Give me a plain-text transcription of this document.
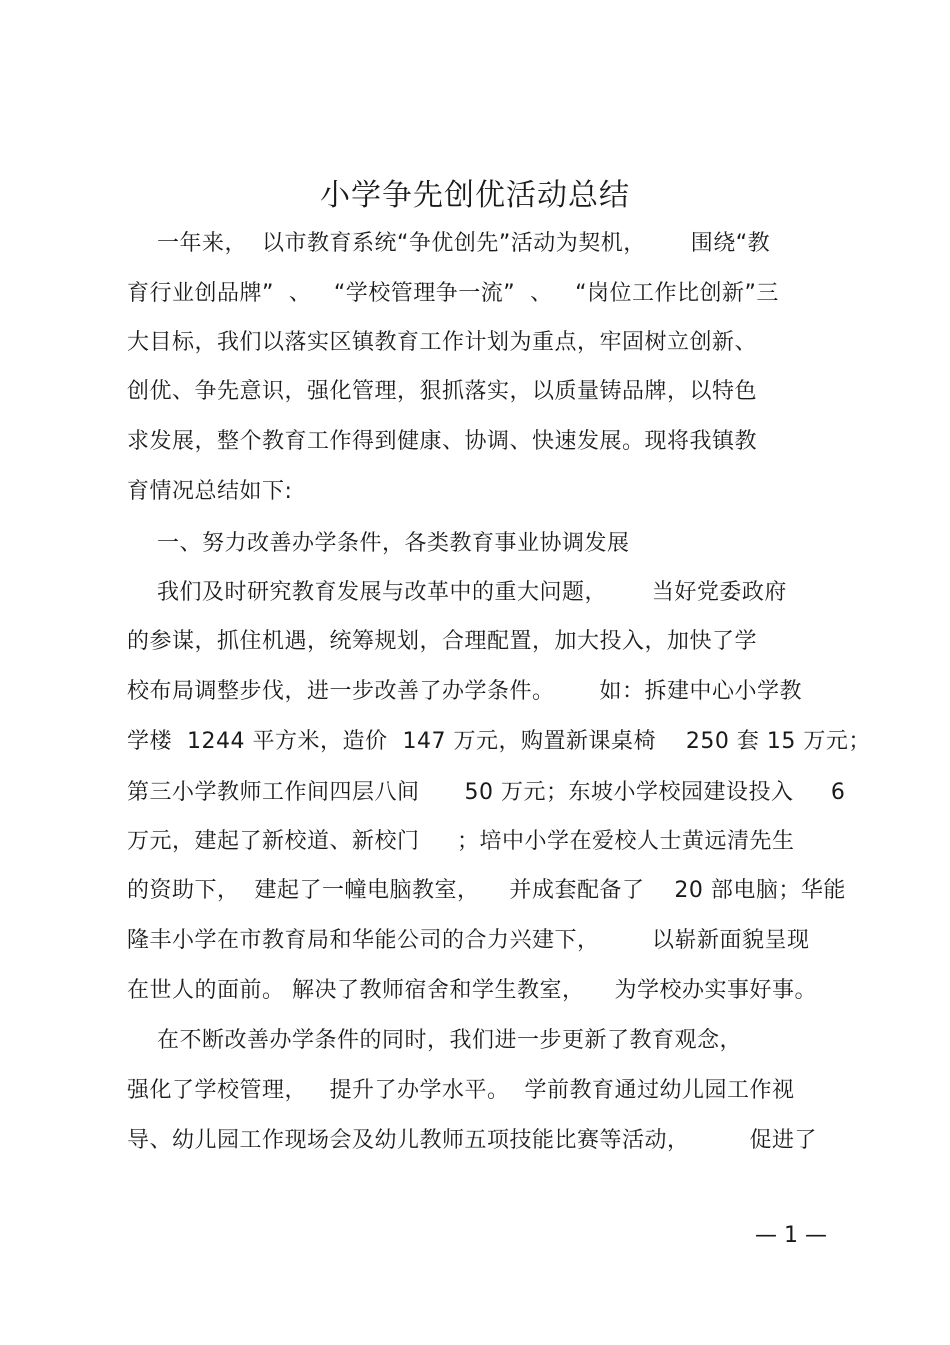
小学争先创优活动总结
一年来，  以市教育系统“争优创先”活动为契机，      围绕“教
育行业创品牌”  、   “学校管理争一流”  、   “岗位工作比创新”三
大目标，我们以落实区镇教育工作计划为重点，牢固树立创新、
创优、争先意识，强化管理，狠抓落实，以质量铸品牌，以特色
求发展，整个教育工作得到健康、协调、快速发展。现将我镇教
育情况总结如下:
一、努力改善办学条件，各类教育事业协调发展
我们及时研究教育发展与改革中的重大问题，      当好党委政府
的参谋，抓住机遇，统筹规划，合理配置，加大投入，加快了学
校布局调整步伐，进一步改善了办学条件。      如：拆建中心小学教
学楼  1244 平方米，造价  147 万元，购置新课桌椅    250 套 15 万元；
第三小学教师工作间四层八间      50 万元；东坡小学校园建设投入     6
万元，建起了新校道、新校门     ；培中小学在爱校人士黄远清先生
的资助下，  建起了一幢电脑教室，    并成套配备了    20 部电脑；华能
隆丰小学在市教育局和华能公司的合力兴建下，       以崭新面貌呈现
在世人的面前。 解决了教师宿舍和学生教室，    为学校办实事好事。
在不断改善办学条件的同时，我们进一步更新了教育观念，
强化了学校管理，   提升了办学水平。  学前教育通过幼儿园工作视
导、幼儿园工作现场会及幼儿教师五项技能比赛等活动，        促进了
— 1 —
